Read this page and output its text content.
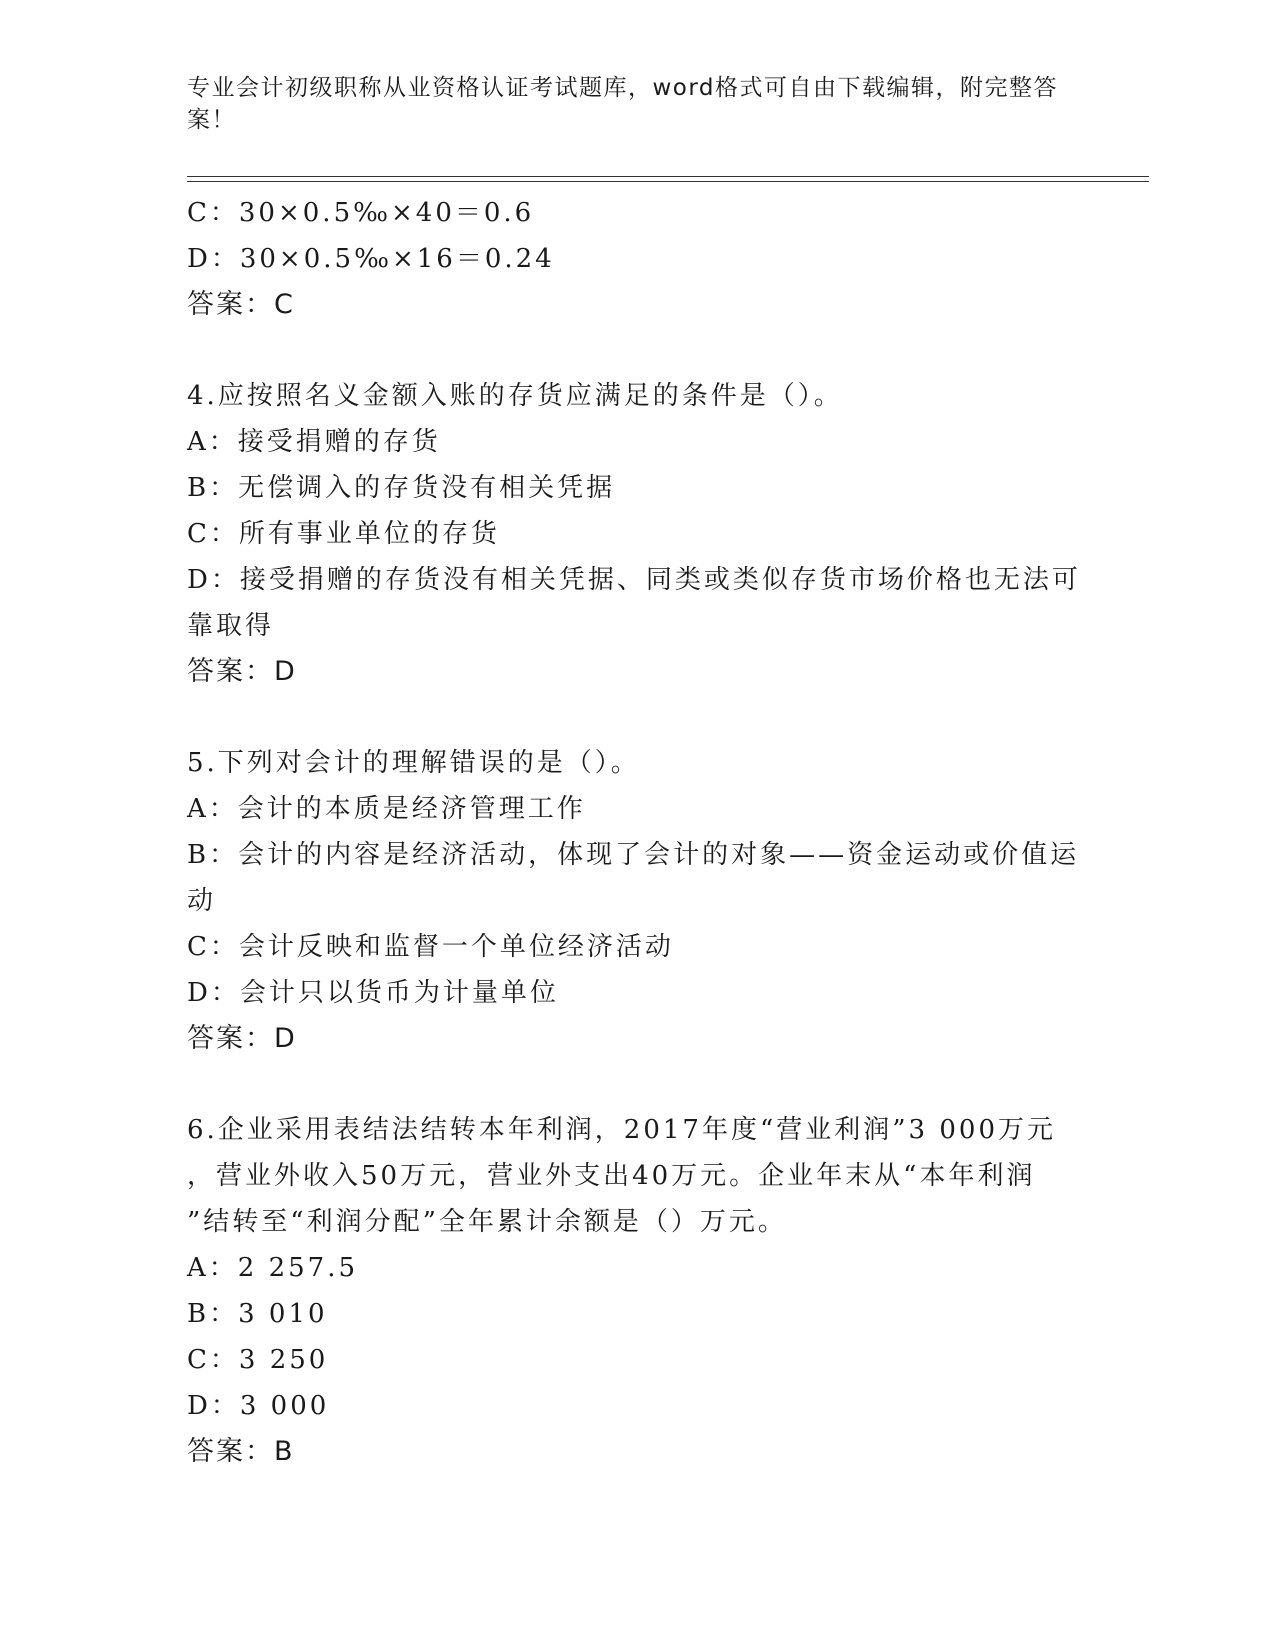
专业会计初级职称从业资格认证考试题库，word格式可自由下载编辑，附完整答
案！
C：30×0.5‰×40＝0.6
D：30×0.5‰×16＝0.24
答案：C
4.应按照名义金额入账的存货应满足的条件是（）。
A：接受捐赠的存货
B：无偿调入的存货没有相关凭据
C：所有事业单位的存货
D：接受捐赠的存货没有相关凭据、同类或类似存货市场价格也无法可
靠取得
答案：D
5.下列对会计的理解错误的是（）。
A：会计的本质是经济管理工作
B：会计的内容是经济活动，体现了会计的对象——资金运动或价值运
动
C：会计反映和监督一个单位经济活动
D：会计只以货币为计量单位
答案：D
6.企业采用表结法结转本年利润，2017年度“营业利润”3 000万元
，营业外收入50万元，营业外支出40万元。企业年末从“本年利润
”结转至“利润分配”全年累计余额是（）万元。
A：2 257.5
B：3 010
C：3 250
D：3 000
答案：B
